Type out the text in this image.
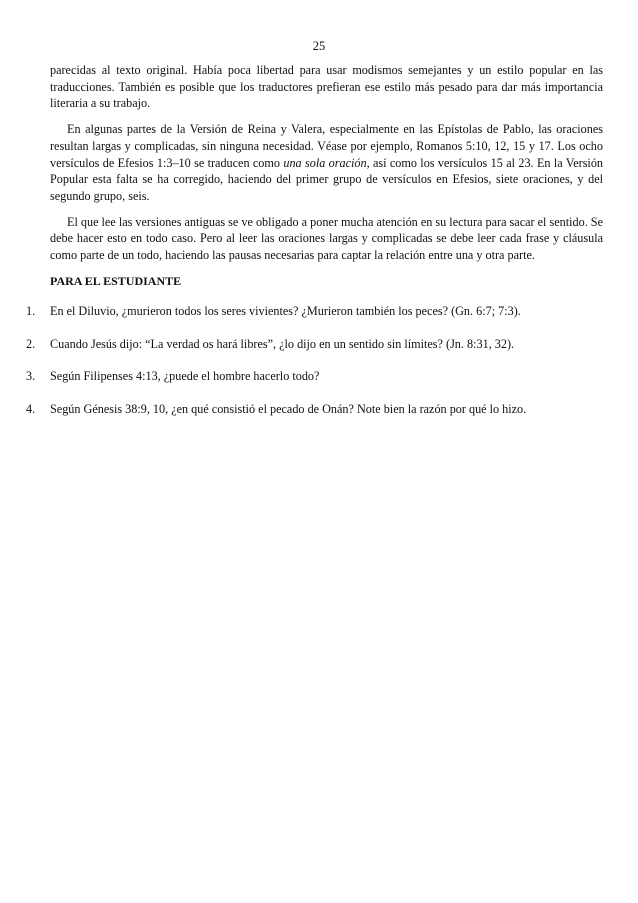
25

parecidas al texto original. Había poca libertad para usar modismos semejantes y un estilo popular en las traducciones. También es posible que los traductores prefieran ese estilo más pesado para dar más importancia literaria a su trabajo.

En algunas partes de la Versión de Reina y Valera, especialmente en las Epístolas de Pablo, las oraciones resultan largas y complicadas, sin ninguna necesidad. Véase por ejemplo, Romanos 5:10, 12, 15 y 17. Los ocho versículos de Efesios 1:3–10 se traducen como una sola oración, así como los versículos 15 al 23. En la Versión Popular esta falta se ha corregido, haciendo del primer grupo de versículos en Efesios, siete oraciones, y del segundo grupo, seis.

El que lee las versiones antiguas se ve obligado a poner mucha atención en su lectura para sacar el sentido. Se debe hacer esto en todo caso. Pero al leer las oraciones largas y complicadas se debe leer cada frase y cláusula como parte de un todo, haciendo las pausas necesarias para captar la relación entre una y otra parte.

PARA EL ESTUDIANTE
1. En el Diluvio, ¿murieron todos los seres vivientes? ¿Murieron también los peces? (Gn. 6:7; 7:3).
2. Cuando Jesús dijo: “La verdad os hará libres”, ¿lo dijo en un sentido sin límites? (Jn. 8:31, 32).
3. Según Filipenses 4:13, ¿puede el hombre hacerlo todo?
4. Según Génesis 38:9, 10, ¿en qué consistió el pecado de Onán? Note bien la razón por qué lo hizo.
